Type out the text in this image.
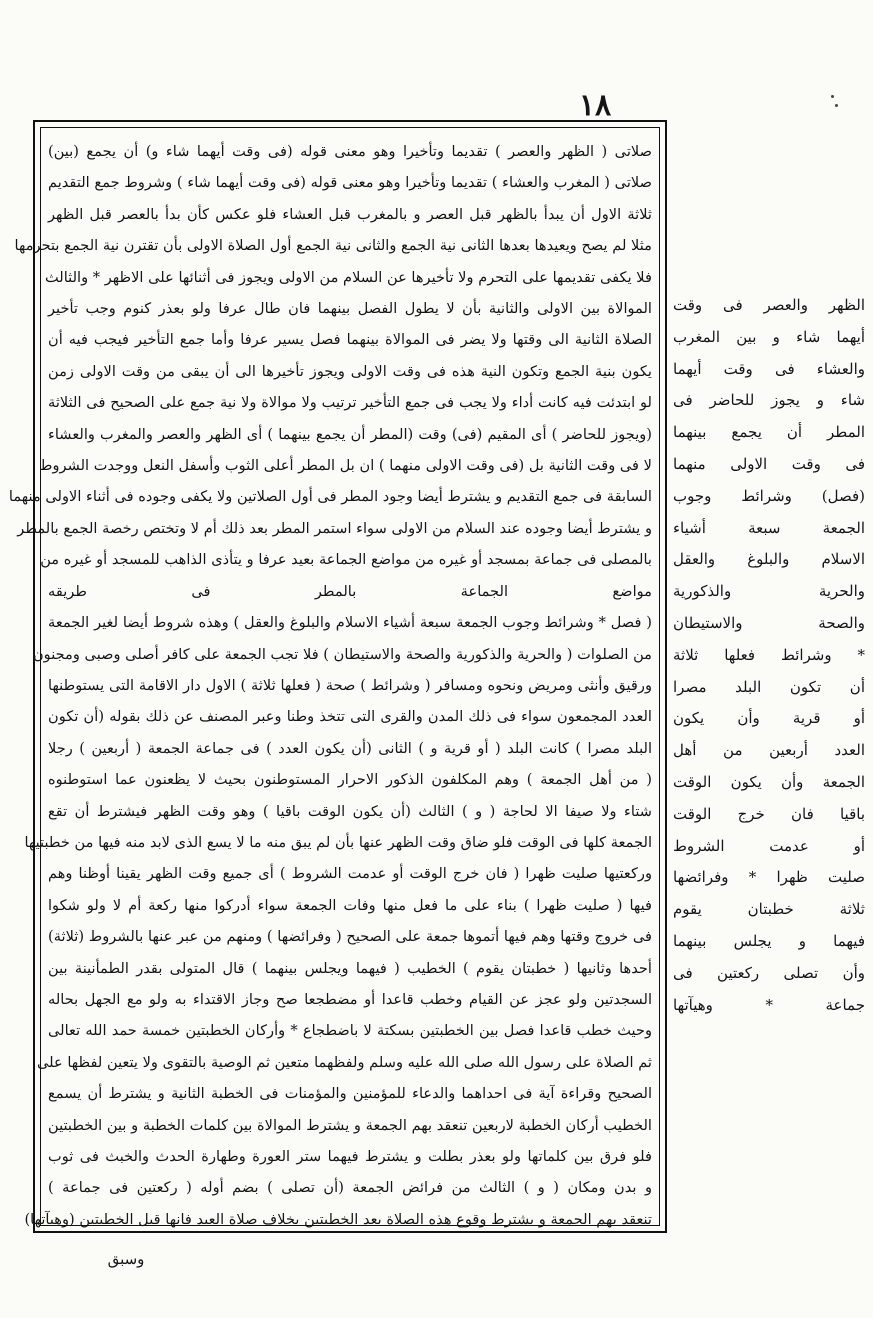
١٨
صلاتى ( الظهر والعصر ) تقديما وتأخيرا وهو معنى قوله (فى وقت أيهما شاء و) أن يجمع (بين)
صلاتى ( المغرب والعشاء ) تقديما وتأخيرا وهو معنى قوله (فى وقت أيهما شاء ) وشروط جمع التقديم
ثلاثة الاول أن يبدأ بالظهر قبل العصر و بالمغرب قبل العشاء فلو عكس كأن بدأ بالعصر قبل الظهر
مثلا لم يصح ويعيدها بعدها الثانى نية الجمع والثانى نية الجمع أول الصلاة الاولى بأن تقترن نية الجمع بتحرمها
فلا يكفى تقديمها على التحرم ولا تأخيرها عن السلام من الاولى ويجوز فى أثنائها على الاظهر * والثالث
الموالاة بين الاولى والثانية بأن لا يطول الفصل بينهما فان طال عرفا ولو بعذر كنوم وجب تأخير
الصلاة الثانية الى وقتها ولا يضر فى الموالاة بينهما فصل يسير عرفا وأما جمع التأخير فيجب فيه أن
يكون بنية الجمع وتكون النية هذه فى وقت الاولى ويجوز تأخيرها الى أن يبقى من وقت الاولى زمن
لو ابتدئت فيه كانت أداء ولا يجب فى جمع التأخير ترتيب ولا موالاة ولا نية جمع على الصحيح فى الثلاثة
(ويجوز للحاضر ) أى المقيم (فى) وقت (المطر أن يجمع بينهما ) أى الظهر والعصر والمغرب والعشاء
لا فى وقت الثانية بل (فى وقت الاولى منهما ) ان بل المطر أعلى الثوب وأسفل النعل ووجدت الشروط
السابقة فى جمع التقديم و يشترط أيضا وجود المطر فى أول الصلاتين ولا يكفى وجوده فى أثناء الاولى منهما
و يشترط أيضا وجوده عند السلام من الاولى سواء استمر المطر بعد ذلك أم لا وتختص رخصة الجمع بالمطر
بالمصلى فى جماعة بمسجد أو غيره من مواضع الجماعة بعيد عرفا و يتأذى الذاهب للمسجد أو غيره من
مواضع الجماعة بالمطر فى طريقه
( فصل * وشرائط وجوب الجمعة سبعة أشياء الاسلام والبلوغ والعقل ) وهذه شروط أيضا لغير الجمعة
من الصلوات ( والحرية والذكورية والصحة والاستيطان ) فلا تجب الجمعة على كافر أصلى وصبى ومجنون
ورقيق وأنثى ومريض ونحوه ومسافر ( وشرائط ) صحة ( فعلها ثلاثة ) الاول دار الاقامة التى يستوطنها
العدد المجمعون سواء فى ذلك المدن والقرى التى تتخذ وطنا وعبر المصنف عن ذلك بقوله (أن تكون
البلد مصرا ) كانت البلد ( أو قرية و ) الثانى (أن يكون العدد ) فى جماعة الجمعة ( أربعين ) رجلا
( من أهل الجمعة ) وهم المكلفون الذكور الاحرار المستوطنون بحيث لا يظعنون عما استوطنوه
شتاء ولا صيفا الا لحاجة ( و ) الثالث (أن يكون الوقت باقيا ) وهو وقت الظهر فيشترط أن تقع
الجمعة كلها فى الوقت فلو ضاق وقت الظهر عنها بأن لم يبق منه ما لا يسع الذى لابد منه فيها من خطبتيها
وركعتيها صليت ظهرا ( فان خرج الوقت أو عدمت الشروط ) أى جميع وقت الظهر يقينا أوظنا وهم
فيها ( صليت ظهرا ) بناء على ما فعل منها وفات الجمعة سواء أدركوا منها ركعة أم لا ولو شكوا
فى خروج وقتها وهم فيها أتموها جمعة على الصحيح ( وفرائضها ) ومنهم من عبر عنها بالشروط (ثلاثة)
أحدها وثانيها ( خطبتان يقوم ) الخطيب ( فيهما ويجلس بينهما ) قال المتولى بقدر الطمأنينة بين
السجدتين ولو عجز عن القيام وخطب قاعدا أو مضطجعا صح وجاز الاقتداء به ولو مع الجهل بحاله
وحيث خطب قاعدا فصل بين الخطبتين بسكتة لا باضطجاع * وأركان الخطبتين خمسة حمد الله تعالى
ثم الصلاة على رسول الله صلى الله عليه وسلم ولفظهما متعين ثم الوصية بالتقوى ولا يتعين لفظها على
الصحيح وقراءة آية فى احداهما والدعاء للمؤمنين والمؤمنات فى الخطبة الثانية و يشترط أن يسمع
الخطيب أركان الخطبة لاربعين تنعقد بهم الجمعة و يشترط الموالاة بين كلمات الخطبة و بين الخطبتين
فلو فرق بين كلماتها ولو بعذر بطلت و يشترط فيهما ستر العورة وطهارة الحدث والخبث فى ثوب
و بدن ومكان ( و ) الثالث من فرائض الجمعة (أن تصلى ) بضم أوله ( ركعتين فى جماعة )
تنعقد بهم الجمعة و يشترط وقوع هذه الصلاة بعد الخطبتين بخلاف صلاة العيد فانها قبل الخطبتين (وهيآتها)
الظهر والعصر فى وقت
أيهما شاء و بين المغرب
والعشاء فى وقت أيهما
شاء و يجوز للحاضر فى
المطر أن يجمع بينهما
فى وقت الاولى منهما
(فصل) وشرائط وجوب
الجمعة سبعة أشياء
الاسلام والبلوغ والعقل
والحرية والذكورية
والصحة والاستيطان
* وشرائط فعلها ثلاثة
أن تكون البلد مصرا
أو قرية وأن يكون
العدد أربعين من أهل
الجمعة وأن يكون الوقت
باقيا فان خرج الوقت
أو عدمت الشروط
صليت ظهرا * وفرائضها
ثلاثة خطبتان يقوم
فيهما و يجلس بينهما
وأن تصلى ركعتين فى
جماعة * وهيآتها
وسبق
